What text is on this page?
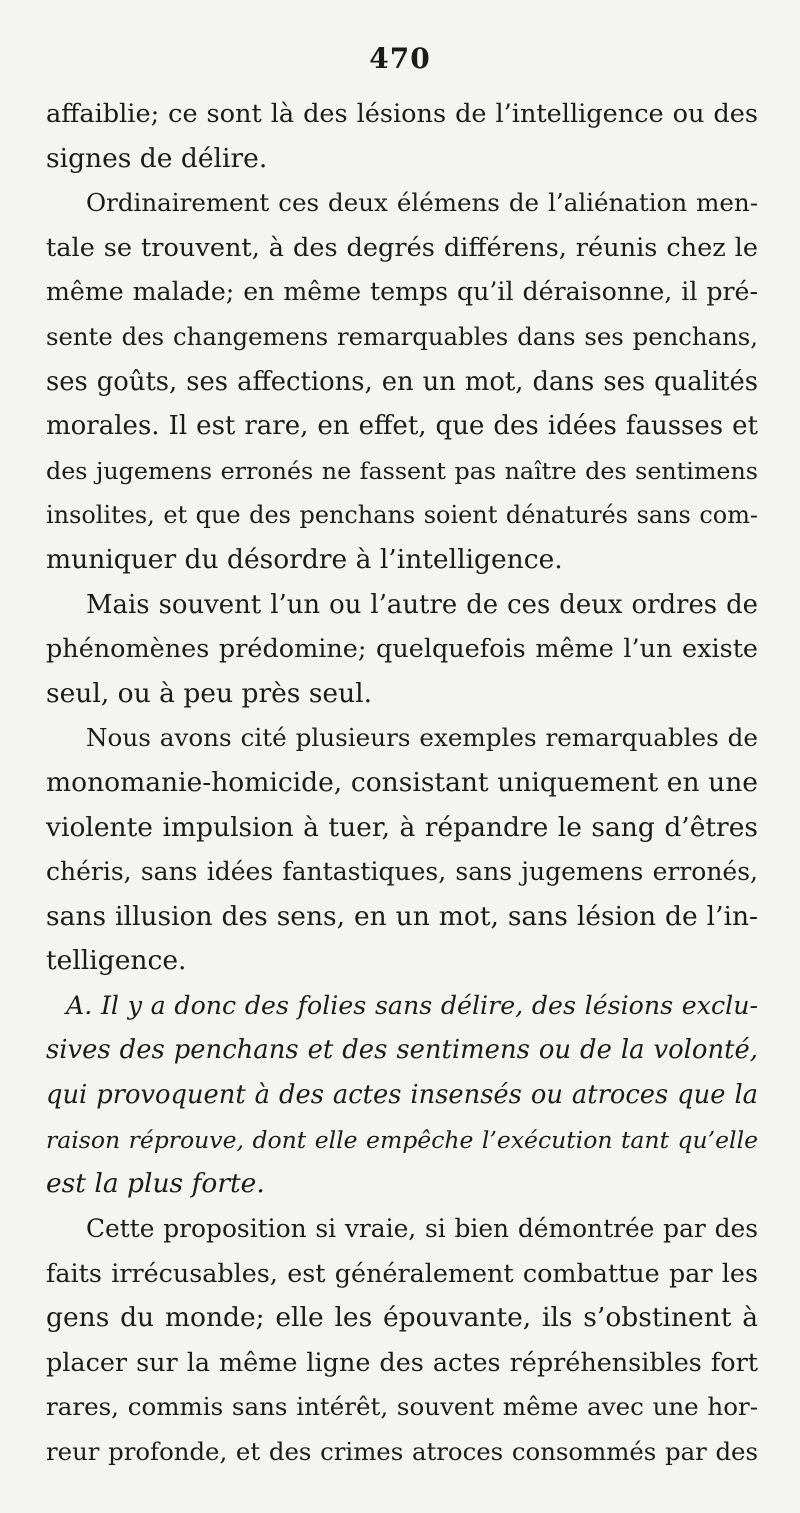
470
affaiblie; ce sont là des lésions de l’intelligence ou des
signes de délire.
Ordinairement ces deux élémens de l’aliénation men-
tale se trouvent, à des degrés différens, réunis chez le
même malade; en même temps qu’il déraisonne, il pré-
sente des changemens remarquables dans ses penchans,
ses goûts, ses affections, en un mot, dans ses qualités
morales. Il est rare, en effet, que des idées fausses et
des jugemens erronés ne fassent pas naître des sentimens
insolites, et que des penchans soient dénaturés sans com-
muniquer du désordre à l’intelligence.
Mais souvent l’un ou l’autre de ces deux ordres de
phénomènes prédomine; quelquefois même l’un existe
seul, ou à peu près seul.
Nous avons cité plusieurs exemples remarquables de
monomanie-homicide, consistant uniquement en une
violente impulsion à tuer, à répandre le sang d’êtres
chéris, sans idées fantastiques, sans jugemens erronés,
sans illusion des sens, en un mot, sans lésion de l’in-
telligence.
A. Il y a donc des folies sans délire, des lésions exclu-
sives des penchans et des sentimens ou de la volonté,
qui provoquent à des actes insensés ou atroces que la
raison réprouve, dont elle empêche l’exécution tant qu’elle
est la plus forte.
Cette proposition si vraie, si bien démontrée par des
faits irrécusables, est généralement combattue par les
gens du monde; elle les épouvante, ils s’obstinent à
placer sur la même ligne des actes répréhensibles fort
rares, commis sans intérêt, souvent même avec une hor-
reur profonde, et des crimes atroces consommés par des
